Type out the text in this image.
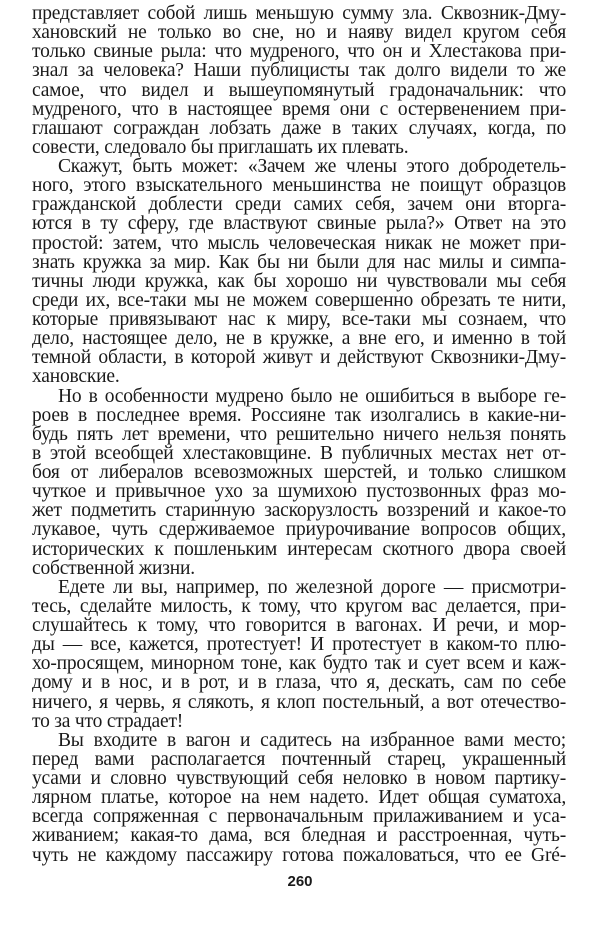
представляет собой лишь меньшую сумму зла. Сквозник-Дму-
хановский не только во сне, но и наяву видел кругом себя
только свиные рыла: что мудреного, что он и Хлестакова при-
знал за человека? Наши публицисты так долго видели то же
самое, что видел и вышеупомянутый градоначальник: что
мудреного, что в настоящее время они с остервенением при-
глашают сограждан лобзать даже в таких случаях, когда, по
совести, следовало бы приглашать их плевать.
Скажут, быть может: «Зачем же члены этого добродетель-
ного, этого взыскательного меньшинства не поищут образцов
гражданской доблести среди самих себя, зачем они вторга-
ются в ту сферу, где властвуют свиные рыла?» Ответ на это
простой: затем, что мысль человеческая никак не может при-
знать кружка за мир. Как бы ни были для нас милы и симпа-
тичны люди кружка, как бы хорошо ни чувствовали мы себя
среди их, все-таки мы не можем совершенно обрезать те нити,
которые привязывают нас к миру, все-таки мы сознаем, что
дело, настоящее дело, не в кружке, а вне его, и именно в той
темной области, в которой живут и действуют Сквозники-Дму-
хановские.
Но в особенности мудрено было не ошибиться в выборе ге-
роев в последнее время. Россияне так изолгались в какие-ни-
будь пять лет времени, что решительно ничего нельзя понять
в этой всеобщей хлестаковщине. В публичных местах нет от-
боя от либералов всевозможных шерстей, и только слишком
чуткое и привычное ухо за шумихою пустозвонных фраз мо-
жет подметить старинную заскорузлость воззрений и какое-то
лукавое, чуть сдерживаемое приурочивание вопросов общих,
исторических к пошленьким интересам скотного двора своей
собственной жизни.
Едете ли вы, например, по железной дороге — присмотри-
тесь, сделайте милость, к тому, что кругом вас делается, при-
слушайтесь к тому, что говорится в вагонах. И речи, и мор-
ды — все, кажется, протестует! И протестует в каком-то плю-
хо-просящем, минорном тоне, как будто так и сует всем и каж-
дому и в нос, и в рот, и в глаза, что я, дескать, сам по себе
ничего, я червь, я слякоть, я клоп постельный, а вот отечество-
то за что страдает!
Вы входите в вагон и садитесь на избранное вами место;
перед вами располагается почтенный старец, украшенный
усами и словно чувствующий себя неловко в новом партику-
лярном платье, которое на нем надето. Идет общая суматоха,
всегда сопряженная с первоначальным прилаживанием и уса-
живанием; какая-то дама, вся бледная и расстроенная, чуть-
чуть не каждому пассажиру готова пожаловаться, что ее Gré-
260
